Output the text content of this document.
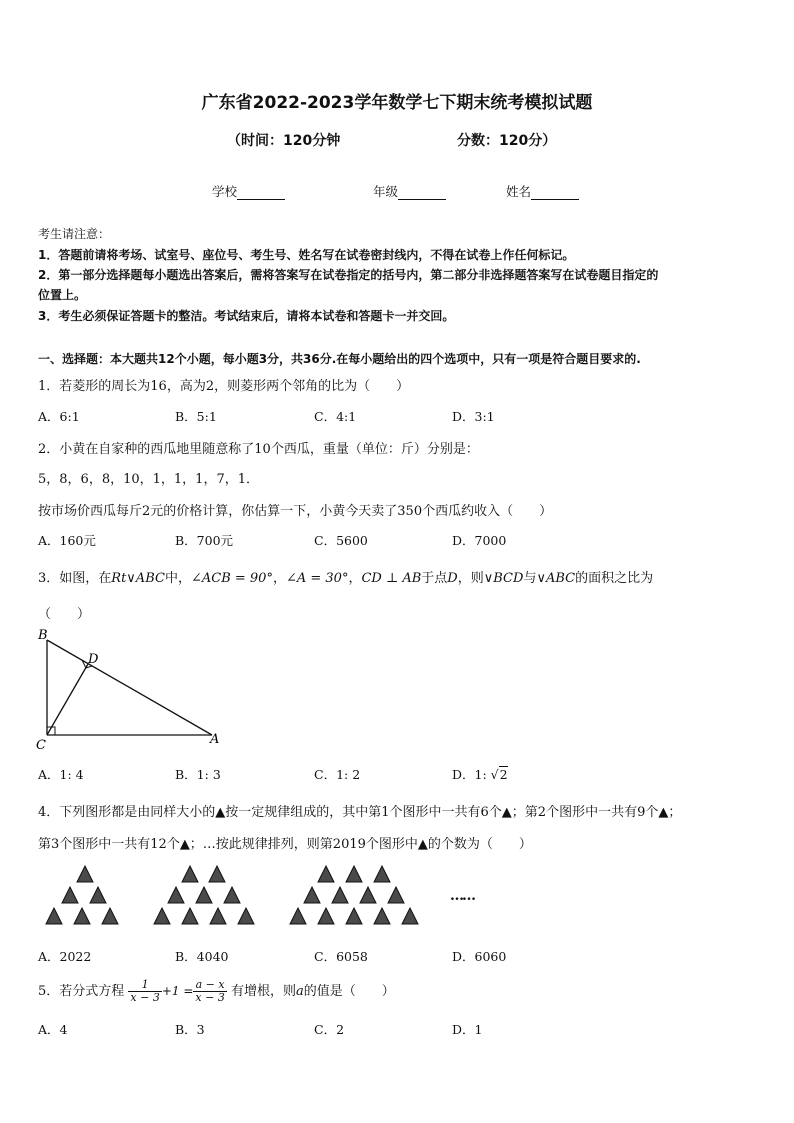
广东省2022-2023学年数学七下期末统考模拟试题
（时间：120分钟	分数：120分）
学校	年级	姓名
考生请注意：
1．答题前请将考场、试室号、座位号、考生号、姓名写在试卷密封线内，不得在试卷上作任何标记。
2．第一部分选择题每小题选出答案后，需将答案写在试卷指定的括号内，第二部分非选择题答案写在试卷题目指定的
位置上。
3．考生必须保证答题卡的整洁。考试结束后，请将本试卷和答题卡一并交回。
一、选择题：本大题共12个小题，每小题3分，共36分.在每小题给出的四个选项中，只有一项是符合题目要求的.
1．若菱形的周长为16，高为2，则菱形两个邻角的比为（　　）
A．6:1	B．5:1	C．4:1	D．3:1
2．小黄在自家种的西瓜地里随意称了10个西瓜，重量（单位：斤）分别是：
5，8，6，8，10，1，1，1，7，1．
按市场价西瓜每斤2元的价格计算，你估算一下，小黄今天卖了350个西瓜约收入（　　）
A．160元	B．700元	C．5600	D．7000
3．如图，在Rt∨ABC中，∠ACB = 90°，∠A = 30°，CD ⊥ AB于点D，则∨BCD与∨ABC的面积之比为
（　　）
B
D
C	A
A．1: 4	B．1: 3	C．1: 2	D．1: √2
4．下列图形都是由同样大小的▲按一定规律组成的，其中第1个图形中一共有6个▲；第2个图形中一共有9个▲；
第3个图形中一共有12个▲；…按此规律排列，则第2019个图形中▲的个数为（　　）
……
A．2022	B．4040	C．6058	D．6060
5．若分式方程 $\frac{1}{x - 3} +1 = \frac{a - x}{x - 3}$ 有增根，则a的值是（　　）
A．4	B．3	C．2	D．1
